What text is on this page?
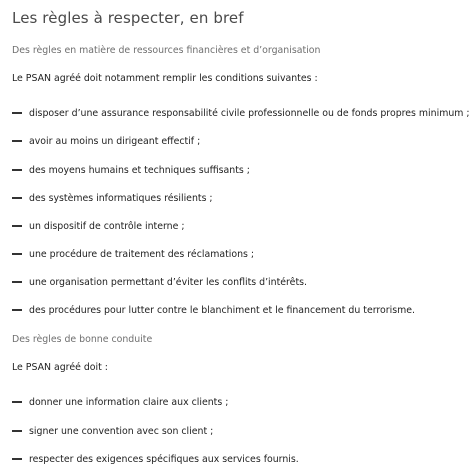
Les règles à respecter, en bref
Des règles en matière de ressources financières et d’organisation
Le PSAN agréé doit notamment remplir les conditions suivantes :
disposer d’une assurance responsabilité civile professionnelle ou de fonds propres minimum ;
avoir au moins un dirigeant effectif ;
des moyens humains et techniques suffisants ;
des systèmes informatiques résilients ;
un dispositif de contrôle interne ;
une procédure de traitement des réclamations ;
une organisation permettant d’éviter les conflits d’intérêts.
des procédures pour lutter contre le blanchiment et le financement du terrorisme.
Des règles de bonne conduite
Le PSAN agréé doit :
donner une information claire aux clients ;
signer une convention avec son client ;
respecter des exigences spécifiques aux services fournis.
